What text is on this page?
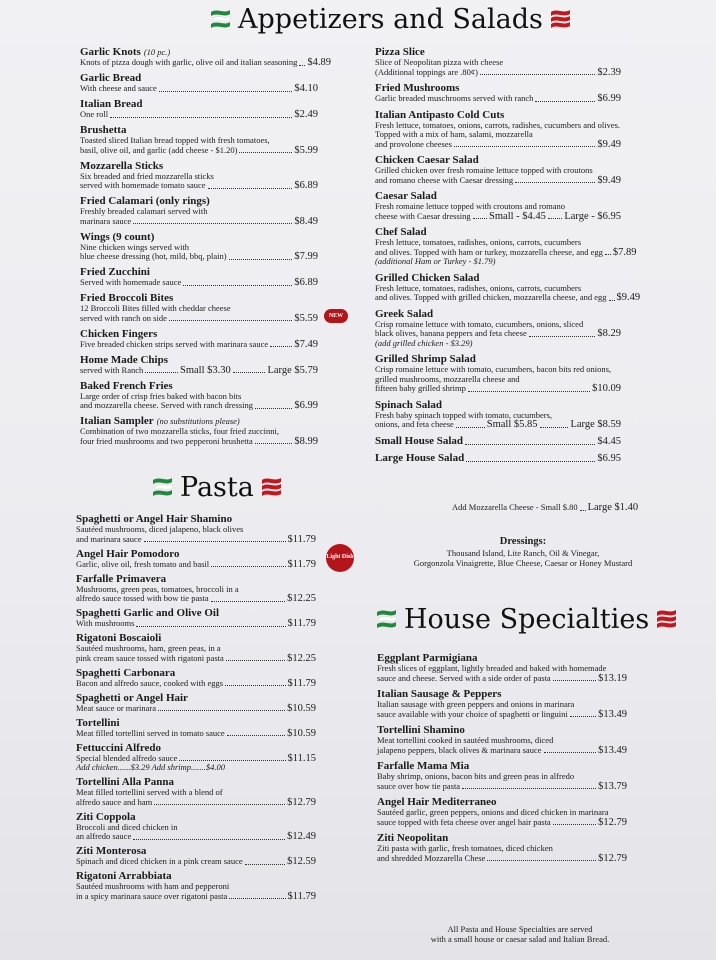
Appetizers and Salads
Pasta
House Specialties
Garlic Knots (10 pc.)
Knots of pizza dough with garlic, olive oil and italian seasoning $4.89
Garlic Bread
With cheese and sauce	$4.10
Italian Bread
One roll	$2.49
Brushetta
Toasted sliced Italian bread topped with fresh tomatoes,
basil, olive oil, and garlic (add cheese - $1.20)	$5.99
Mozzarella Sticks
Six breaded and fried mozzarella sticks
served with homemade tomato sauce	$6.89
Fried Calamari (only rings)
Freshly breaded calamari served with
marinara sauce	$8.49
Wings (9 count)
Nine chicken wings served with
blue cheese dressing (hot, mild, bbq, plain)	$7.99
Fried Zucchini
Served with homemade sauce	$6.89
Fried Broccoli Bites
12 Broccoli Bites filled with cheddar cheese
served with ranch on side	$5.59	NEW
Chicken Fingers
Five breaded chicken strips served with marinara sauce	$7.49
Home Made Chips
served with Ranch	Small $3.30	Large $5.79
Baked French Fries
Large order of crisp fries baked with bacon bits
and mozzarella cheese. Served with ranch dressing	$6.99
Italian Sampler (no substitutions please)
Combination of two mozzarella sticks, four fried zuccinni,
four fried mushrooms and two pepperoni brushetta	$8.99
Pizza Slice
Slice of Neopolitan pizza with cheese
(Additional toppings are .80¢)	$2.39
Fried Mushrooms
Garlic breaded muschrooms served with ranch	$6.99
Italian Antipasto Cold Cuts
Fresh lettuce, tomatoes, onions, carrots, radishes, cucumbers and olives. Topped with a mix of ham, salami, mozzarella
and provolone cheeses	$9.49
Chicken Caesar Salad
Grilled chicken over fresh romaine lettuce topped with croutons
and romano cheese with Caesar dressing	$9.49
Caesar Salad
Fresh romaine lettuce topped with croutons and romano
cheese with Caesar dressing Small - $4.45 Large - $6.95
Chef Salad
Fresh lettuce, tomatoes, radishes, onions, carrots, cucumbers
and olives. Topped with ham or turkey, mozzarella cheese, and egg $7.89
(additional Ham or Turkey - $1.79)
Grilled Chicken Salad
Fresh lettuce, tomatoes, radishes, onions, carrots, cucumbers
and olives. Topped with grilled chicken, mozzarella cheese, and egg $9.49
Greek Salad
Crisp romaine lettuce with tomato, cucumbers, onions, sliced
black olives, banana peppers and feta cheese	$8.29
(add grilled chicken - $3.29)
Grilled Shrimp Salad
Crisp romaine lettuce with tomato, cucumbers, bacon bits red onions, grilled mushrooms, mozzarella cheese and
fifteen baby grilled shrimp	$10.09
Spinach Salad
Fresh baby spinach topped with tomato, cucumbers,
onions, and feta cheese	Small $5.85	Large $8.59
Small House Salad	$4.45
Large House Salad	$6.95
Spaghetti or Angel Hair Shamino
Sautéed mushrooms, diced jalapeno, black olives
and marinara sauce	$11.79
Angel Hair Pomodoro
Garlic, olive oil, fresh tomato and basil	$11.79
Light Dish
Farfalle Primavera
Mushrooms, green peas, tomatoes, broccoli in a
alfredo sauce tossed with bow tie pasta	$12.25
Spaghetti Garlic and Olive Oil
With mushrooms	$11.79
Rigatoni Boscaioli
Sautéed mushrooms, ham, green peas, in a
pink cream sauce tossed with rigatoni pasta	$12.25
Spaghetti Carbonara
Bacon and alfredo sauce, cooked with eggs	$11.79
Spaghetti or Angel Hair
Meat sauce or marinara	$10.59
Tortellini
Meat filled tortellini served in tomato sauce	$10.59
Fettuccini Alfredo
Special blended alfredo sauce	$11.15
Add chicken......$3.29 Add shrimp.......$4.00
Tortellini Alla Panna
Meat filled tortellini served with a blend of
alfredo sauce and ham	$12.79
Ziti Coppola
Broccoli and diced chicken in
an alfredo sauce	$12.49
Ziti Monterosa
Spinach and diced chicken in a pink cream sauce	$12.59
Rigatoni Arrabbiata
Sautéed mushrooms with ham and pepperoni
in a spicy marinara sauce over rigatoni pasta	$11.79
Eggplant Parmigiana
Fresh slices of eggplant, lightly breaded and baked with homemade
sauce and cheese. Served with a side order of pasta	$13.19
Italian Sausage & Peppers
Italian sausage with green peppers and onions in marinara
sauce available with your choice of spaghetti or linguini	$13.49
Tortellini Shamino
Meat tortellini cooked in sautéed mushrooms, diced
jalapeno peppers, black olives & marinara sauce	$13.49
Farfalle Mama Mia
Baby shrimp, onions, bacon bits and green peas in alfredo
sauce over bow tie pasta	$13.79
Angel Hair Mediterraneo
Sautéed garlic, green peppers, onions and diced chicken in marinara
sauce topped with feta cheese over angel hair pasta	$12.79
Ziti Neopolitan
Ziti pasta with garlic, fresh tomatoes, diced chicken
and shredded Mozzarella Chese	$12.79
Add Mozzarella Cheese - Small $.80 Large $1.40
Dressings:
Thousand Island, Lite Ranch, Oil & Vinegar,
Gorgonzola Vinaigrette, Blue Cheese, Caesar or Honey Mustard
All Pasta and House Specialties are served
with a small house or caesar salad and Italian Bread.
